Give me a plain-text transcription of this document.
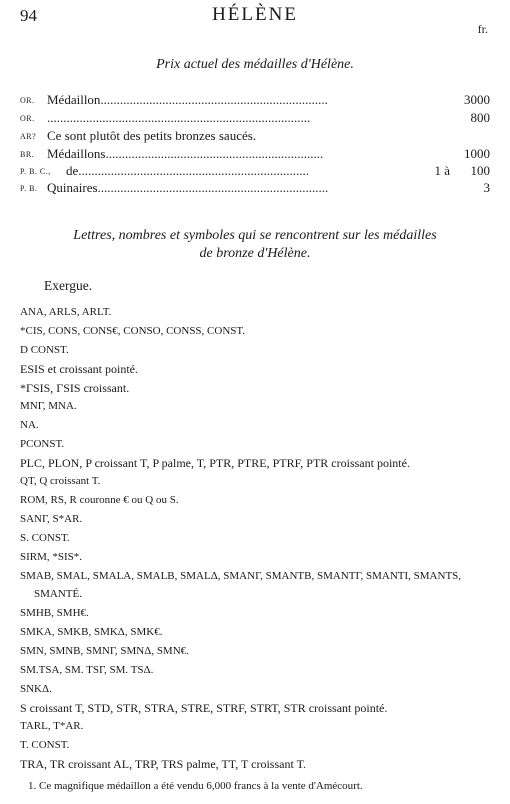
94	HÉLÈNE
fr.
Prix actuel des médailles d'Hélène.
OR. Médaillon......................................................................	3000
OR. .................................................................................	800
AR? Ce sont plutôt des petits bronzes saucés.
BR. Médaillons...................................................................	1000
P. B. C., de.......................................................................	1 à	100
P. B. Quinaires.......................................................................	3
Lettres, nombres et symboles qui se rencontrent sur les médailles
de bronze d'Hélène.
Exergue.
ANA, ARLS, ARLT.
*CIS, CONS, CONS€, CONSO, CONSS, CONST.
D CONST.
ESIS et croissant pointé.
*ΓSIS, ΓSIS croissant.
MNΓ, MNA.
NA.
PCONST.
PLC, PLON, P croissant T, P palme, T, PTR, PTRE, PTRF, PTR croissant pointé.
QT, Q croissant T.
ROM, RS, R couronne € ou Q ou S.
SANΓ, S*AR.
S. CONST.
SIRM, *SIS*.
SMAB, SMAL, SMALA, SMALB, SMALΔ, SMANΓ, SMANTB, SMANTΓ, SMANTI, SMANTS,
SMANTÉ.
SMHB, SMH€.
SMKA, SMKB, SMKΔ, SMK€.
SMN, SMNB, SMNΓ, SMNΔ, SMN€.
SM.TSA, SM. TSΓ, SM. TSΔ.
SNKΔ.
S croissant T, STD, STR, STRA, STRE, STRF, STRT, STR croissant pointé.
TARL, T*AR.
T. CONST.
TRA, TR croissant AL, TRP, TRS palme, TT, T croissant T.
1. Ce magnifique médaillon a été vendu 6,000 francs à la vente d'Amécourt.
